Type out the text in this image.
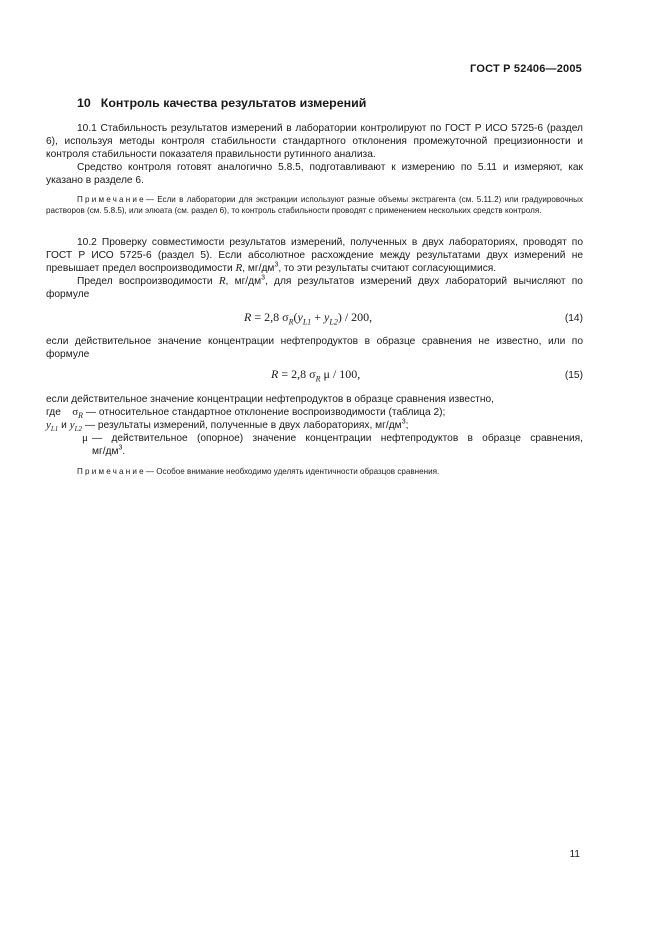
ГОСТ Р 52406—2005
10 Контроль качества результатов измерений

10.1 Стабильность результатов измерений в лаборатории контролируют по ГОСТ Р ИСО 5725-6 (раздел 6), используя методы контроля стабильности стандартного отклонения промежуточной прецизионности и контроля стабильности показателя правильности рутинного анализа.

Средство контроля готовят аналогично 5.8.5, подготавливают к измерению по 5.11 и измеряют, как указано в разделе 6.

Примечание— Если в лаборатории для экстракции используют разные объемы экстрагента (см. 5.11.2) или градуировочных растворов (см. 5.8.5), или элюата (см. раздел 6), то контроль стабильности проводят с применением нескольких средств контроля.

10.2 Проверку совместимости результатов измерений, полученных в двух лабораториях, проводят по ГОСТ Р ИСО 5725-6 (раздел 5). Если абсолютное расхождение между результатами двух измерений не превышает предел воспроизводимости R, $мг/дм^3$, то эти результаты считают согласующимися.

Предел воспроизводимости R, $мг/дм^3$, для результатов измерений двух лабораторий вычисляют по формуле

R = 2,8 $\sigma_R(y_{L1} + y_{L2}) / 200$,	(14)

если действительное значение концентрации нефтепродуктов в образце сравнения не известно, или по формуле

R = 2,8 $\sigma_R$ μ / 100,	(15)

если действительное значение концентрации нефтепродуктов в образце сравнения известно,

где $\sigma_R$ — относительное стандартное отклонение воспроизводимости (таблица 2);
$y_{L1}$ и $y_{L2}$ — результаты измерений, полученные в двух лабораториях, $мг/дм^3$;
μ — действительное (опорное) значение концентрации нефтепродуктов в образце сравнения,
$мг/дм^3$.

Примечание— Особое внимание необходимо уделять идентичности образцов сравнения.

11
